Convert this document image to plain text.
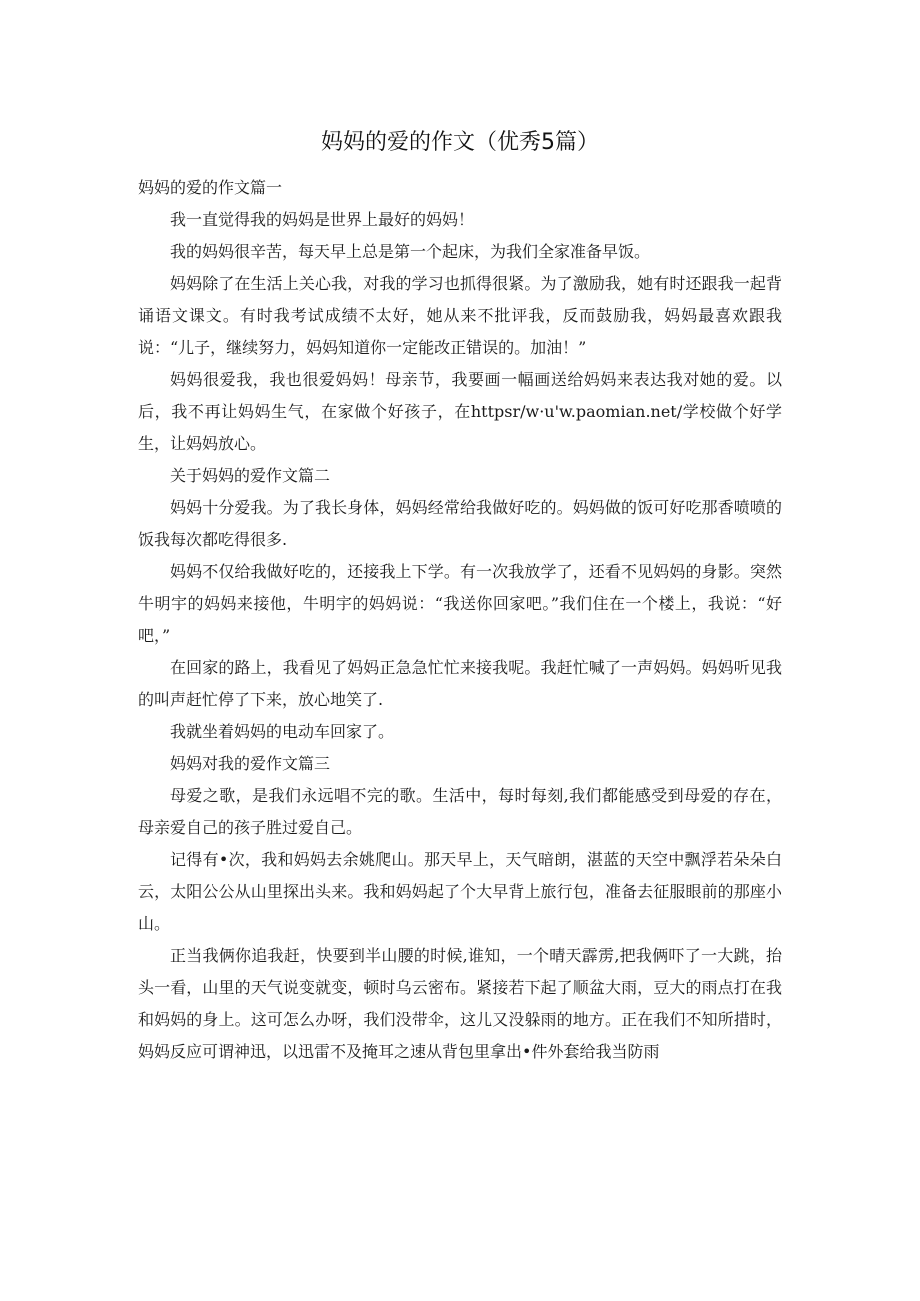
妈妈的爱的作文（优秀5篇）

妈妈的爱的作文篇一

我一直觉得我的妈妈是世界上最好的妈妈！

我的妈妈很辛苦，每天早上总是第一个起床，为我们全家准备早饭。

妈妈除了在生活上关心我，对我的学习也抓得很紧。为了激励我，她有时还跟我一起背诵语文课文。有时我考试成绩不太好，她从来不批评我，反而鼓励我，妈妈最喜欢跟我说：“儿子，继续努力，妈妈知道你一定能改正错误的。加油！”

妈妈很爱我，我也很爱妈妈！母亲节，我要画一幅画送给妈妈来表达我对她的爱。以后，我不再让妈妈生气，在家做个好孩子，在httpsr∕w·u'w.paomian.net/学校做个好学生，让妈妈放心。

关于妈妈的爱作文篇二

妈妈十分爱我。为了我长身体，妈妈经常给我做好吃的。妈妈做的饭可好吃那香喷喷的饭我每次都吃得很多.

妈妈不仅给我做好吃的，还接我上下学。有一次我放学了，还看不见妈妈的身影。突然牛明宇的妈妈来接他，牛明宇的妈妈说：“我送你回家吧。”我们住在一个楼上，我说：“好吧，”

在回家的路上，我看见了妈妈正急急忙忙来接我呢。我赶忙喊了一声妈妈。妈妈听见我的叫声赶忙停了下来，放心地笑了.

我就坐着妈妈的电动车回家了。

妈妈对我的爱作文篇三

母爱之歌，是我们永远唱不完的歌。生活中，每时每刻,我们都能感受到母爱的存在，母亲爱自己的孩子胜过爱自己。

记得有•次，我和妈妈去余姚爬山。那天早上，天气暗朗，湛蓝的天空中飘浮若朵朵白云，太阳公公从山里探出头来。我和妈妈起了个大早背上旅行包，准备去征服眼前的那座小山。

正当我俩你追我赶，快要到半山腰的时候,谁知，一个晴天霹雳,把我俩吓了一大跳，抬头一看，山里的天气说变就变，顿时乌云密布。紧接若下起了顺盆大雨，豆大的雨点打在我和妈妈的身上。这可怎么办呀，我们没带伞，这儿又没躲雨的地方。正在我们不知所措时，妈妈反应可谓神迅，以迅雷不及掩耳之速从背包里拿出•件外套给我当防雨
